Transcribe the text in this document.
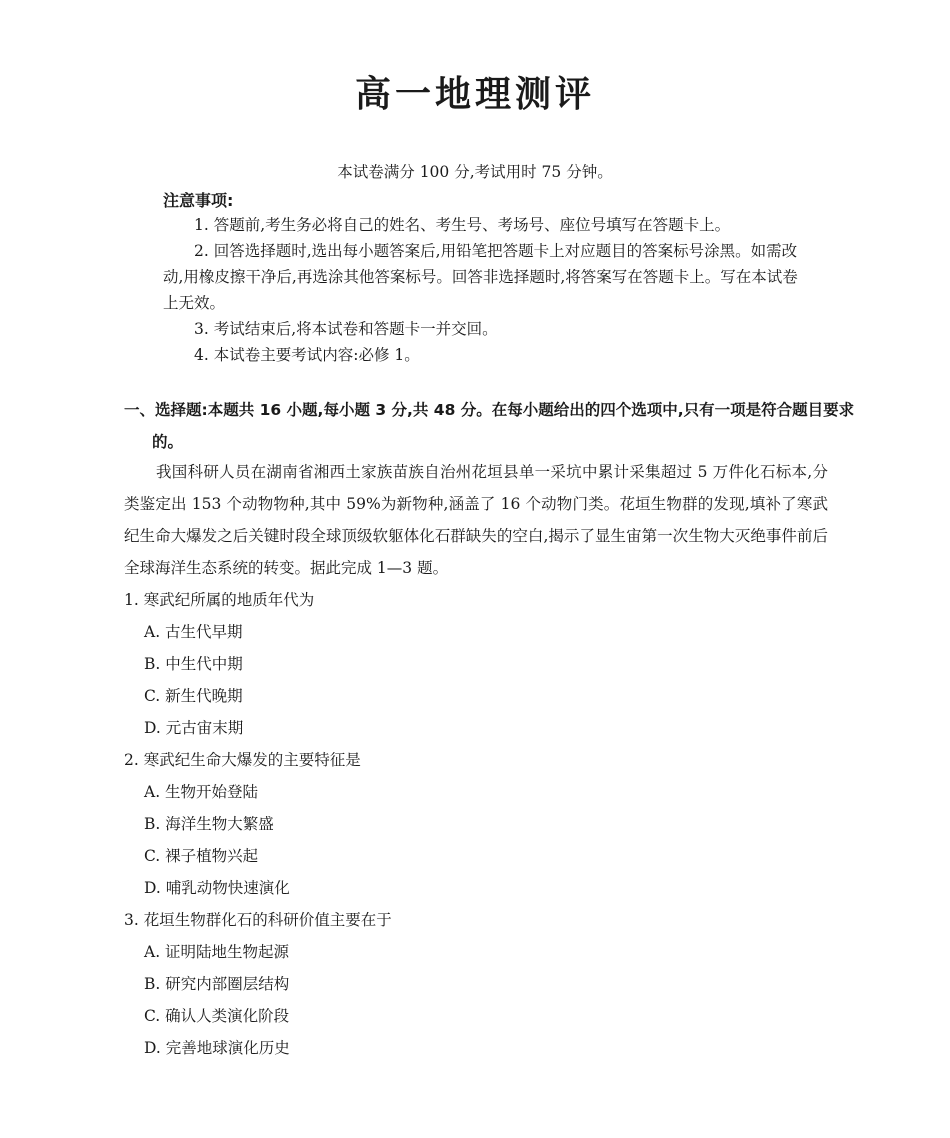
高一地理测评

本试卷满分 100 分,考试用时 75 分钟。

注意事项:

1. 答题前,考生务必将自己的姓名、考生号、考场号、座位号填写在答题卡上。

2. 回答选择题时,选出每小题答案后,用铅笔把答题卡上对应题目的答案标号涂黑。如需改动,用橡皮擦干净后,再选涂其他答案标号。回答非选择题时,将答案写在答题卡上。写在本试卷上无效。

3. 考试结束后,将本试卷和答题卡一并交回。

4. 本试卷主要考试内容:必修 1。

一、选择题:本题共 16 小题,每小题 3 分,共 48 分。在每小题给出的四个选项中,只有一项是符合题目要求的。

我国科研人员在湖南省湘西土家族苗族自治州花垣县单一采坑中累计采集超过 5 万件化石标本,分类鉴定出 153 个动物物种,其中 59%为新物种,涵盖了 16 个动物门类。花垣生物群的发现,填补了寒武纪生命大爆发之后关键时段全球顶级软躯体化石群缺失的空白,揭示了显生宙第一次生物大灭绝事件前后全球海洋生态系统的转变。据此完成 1—3 题。

1. 寒武纪所属的地质年代为

A. 古生代早期

B. 中生代中期

C. 新生代晚期

D. 元古宙末期

2. 寒武纪生命大爆发的主要特征是

A. 生物开始登陆

B. 海洋生物大繁盛

C. 裸子植物兴起

D. 哺乳动物快速演化

3. 花垣生物群化石的科研价值主要在于

A. 证明陆地生物起源

B. 研究内部圈层结构

C. 确认人类演化阶段

D. 完善地球演化历史
